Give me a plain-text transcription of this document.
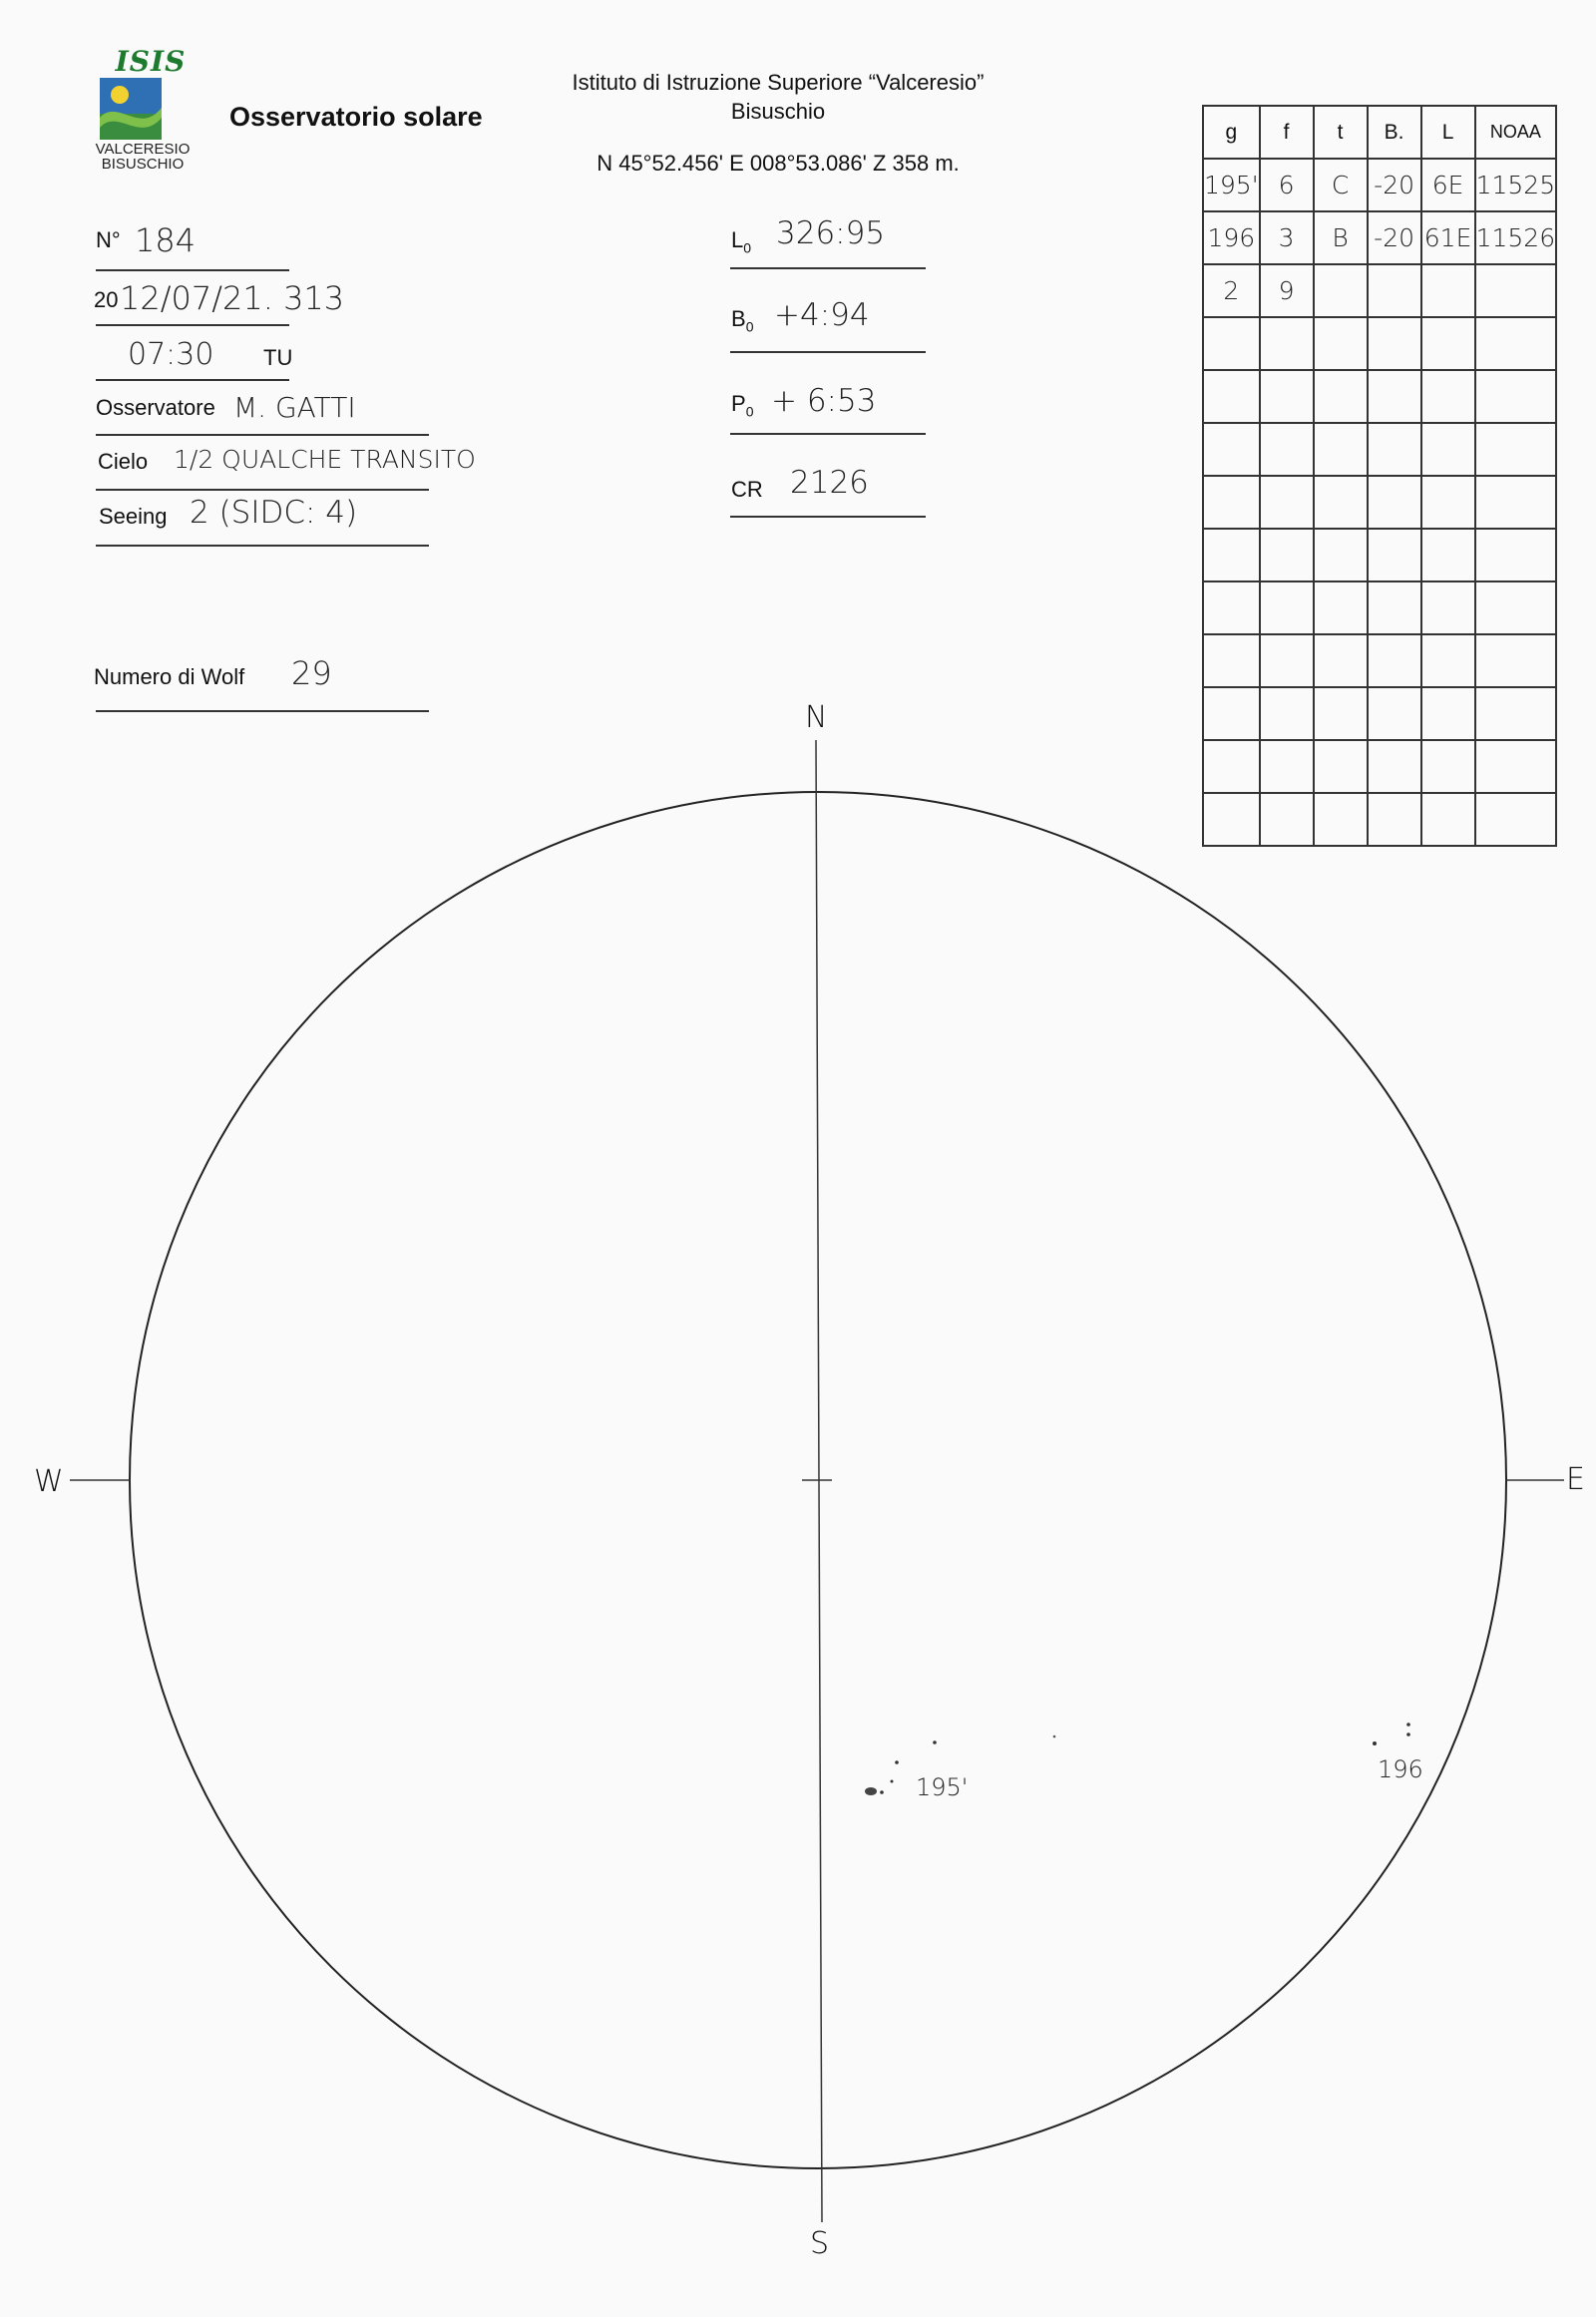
ISIS
VALCERESIO
BISUSCHIO
Osservatorio solare
Istituto di Istruzione Superiore “Valceresio”
Bisuschio
N 45°52.456' E 008°53.086' Z 358 m.
N° 184
20 12/07/21. 313
07:30 TU
Osservatore M. GATTI
Cielo 1/2 QUALCHE TRANSITO
Seeing 2 (SIDC: 4)
Numero di Wolf 29
$L_0$ 326:95
$B_0$ +4:94
$P_0$ + 6:53
CR 2126
g	f	t	B.	L	NOAA
195'	6	C	-20	6E	11525
196	3	B	-20	61E	11526
2	9				

N
S
W	E
195'
196
